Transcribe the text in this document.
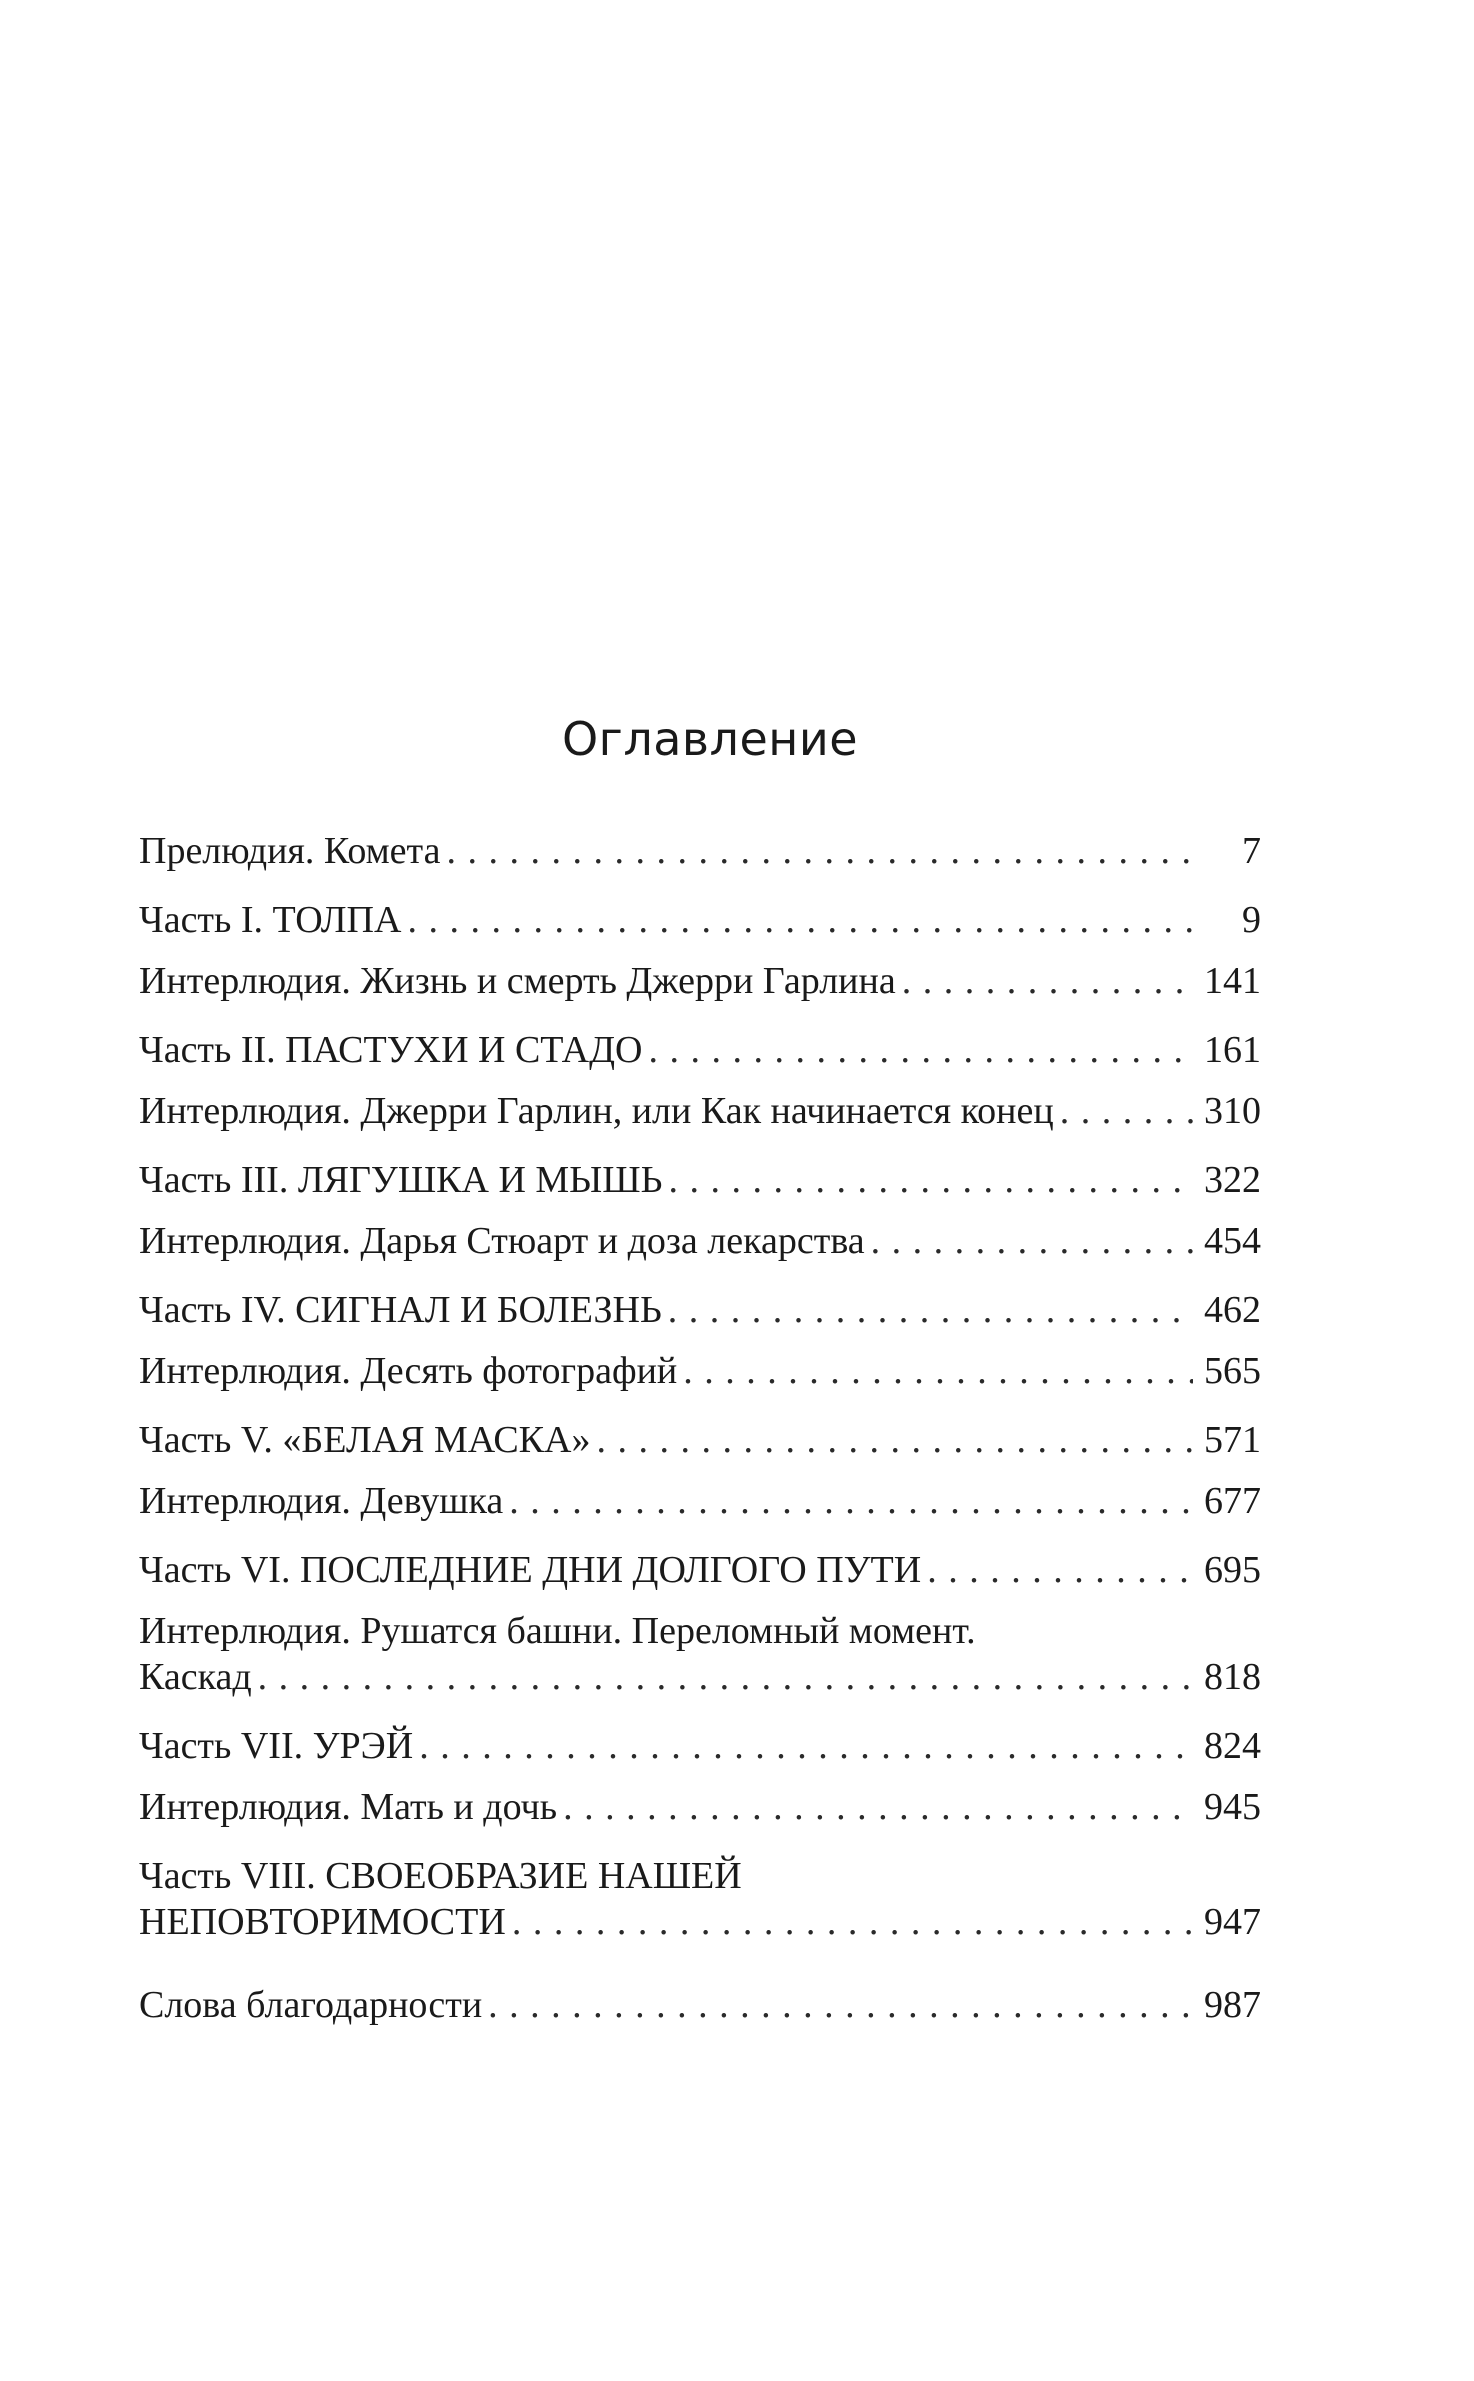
Оглавление
Прелюдия. Комета . . .	7
Часть I. ТОЛПА . . .	9
Интерлюдия. Жизнь и смерть Джерри Гарлина . . .	141
Часть II. ПАСТУХИ И СТАДО . . .	161
Интерлюдия. Джерри Гарлин, или Как начинается конец . . .	310
Часть III. ЛЯГУШКА И МЫШЬ . . .	322
Интерлюдия. Дарья Стюарт и доза лекарства . . .	454
Часть IV. СИГНАЛ И БОЛЕЗНЬ . . .	462
Интерлюдия. Десять фотографий . . .	565
Часть V. «БЕЛАЯ МАСКА» . . .	571
Интерлюдия. Девушка . . .	677
Часть VI. ПОСЛЕДНИЕ ДНИ ДОЛГОГО ПУТИ . . .	695
Интерлюдия. Рушатся башни. Переломный момент.
Каскад . . .	818
Часть VII. УРЭЙ . . .	824
Интерлюдия. Мать и дочь . . .	945
Часть VIII. СВОЕОБРАЗИЕ НАШЕЙ
НЕПОВТОРИМОСТИ . . .	947
Слова благодарности . . .	987
